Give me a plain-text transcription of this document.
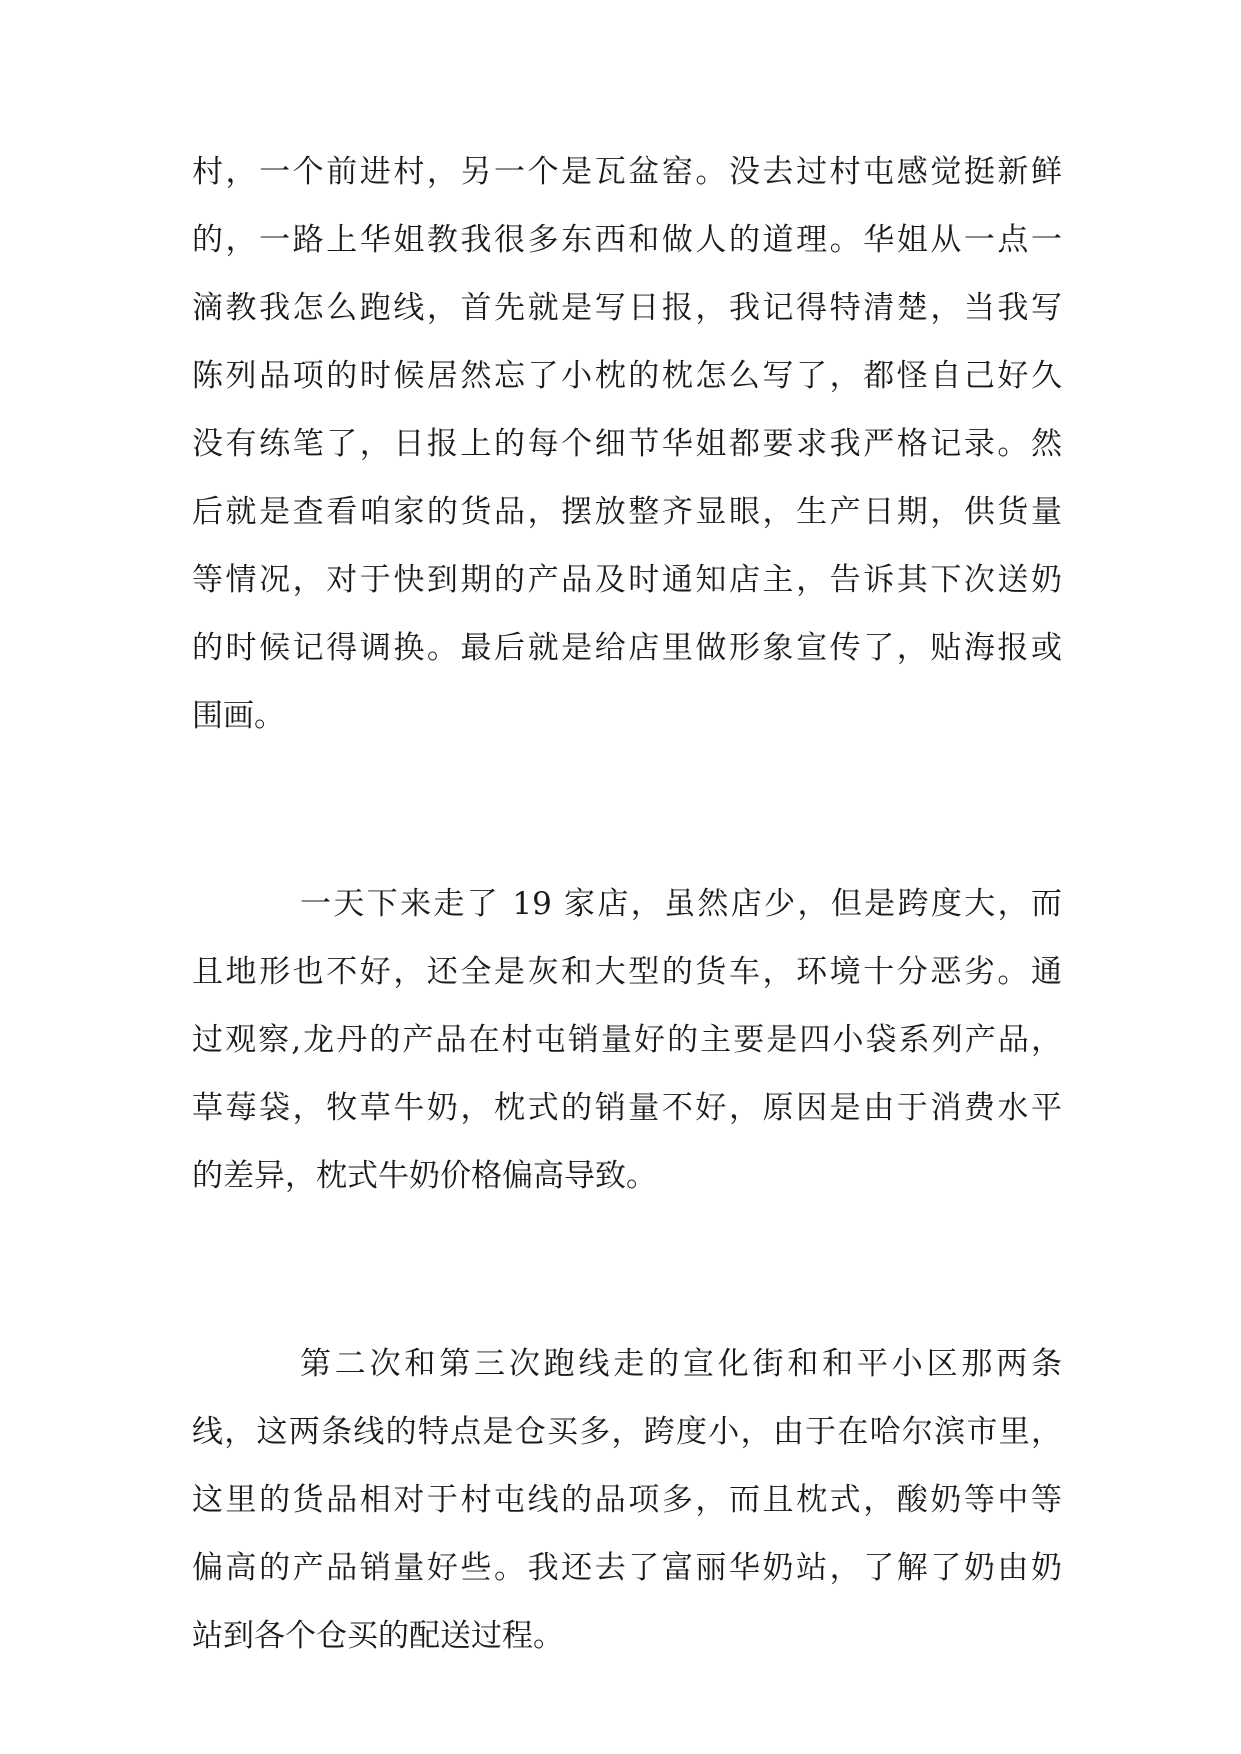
村，一个前进村，另一个是瓦盆窑。没去过村屯感觉挺新鲜
的，一路上华姐教我很多东西和做人的道理。华姐从一点一
滴教我怎么跑线，首先就是写日报，我记得特清楚，当我写
陈列品项的时候居然忘了小枕的枕怎么写了，都怪自己好久
没有练笔了，日报上的每个细节华姐都要求我严格记录。然
后就是查看咱家的货品，摆放整齐显眼，生产日期，供货量
等情况，对于快到期的产品及时通知店主，告诉其下次送奶
的时候记得调换。最后就是给店里做形象宣传了，贴海报或
围画。
一天下来走了 19 家店，虽然店少，但是跨度大，而
且地形也不好，还全是灰和大型的货车，环境十分恶劣。通
过观察,龙丹的产品在村屯销量好的主要是四小袋系列产品，
草莓袋，牧草牛奶，枕式的销量不好，原因是由于消费水平
的差异，枕式牛奶价格偏高导致。
第二次和第三次跑线走的宣化街和和平小区那两条
线，这两条线的特点是仓买多，跨度小，由于在哈尔滨市里，
这里的货品相对于村屯线的品项多，而且枕式，酸奶等中等
偏高的产品销量好些。我还去了富丽华奶站，了解了奶由奶
站到各个仓买的配送过程。
